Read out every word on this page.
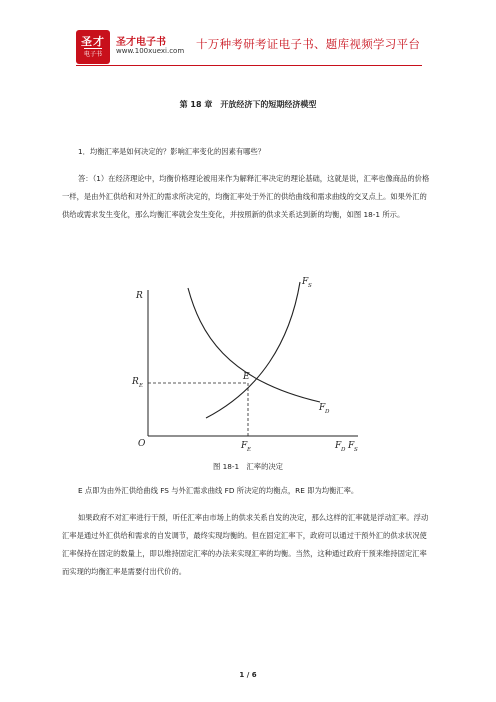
圣才
电子书
圣才电子书
www.100xuexi.com 十万种考研考证电子书、题库视频学习平台
第 18 章　开放经济下的短期经济模型

1．均衡汇率是如何决定的？影响汇率变化的因素有哪些？

答：（1）在经济理论中，均衡价格理论被用来作为解释汇率决定的理论基础，这就是说，汇率也像商品的价格一样，是由外汇供给和对外汇的需求所决定的，均衡汇率处于外汇的供给曲线和需求曲线的交叉点上。如果外汇的供给或需求发生变化，那么均衡汇率就会发生变化，并按照新的供求关系达到新的均衡，如图 18-1 所示。

R
O
E
R E
F E
F S
F D
F D F S
图 18-1　汇率的决定

E 点即为由外汇供给曲线 FS 与外汇需求曲线 FD 所决定的均衡点，RE 即为均衡汇率。

如果政府不对汇率进行干预，听任汇率由市场上的供求关系自发的决定，那么这样的汇率就是浮动汇率。浮动汇率是通过外汇供给和需求的自发调节，最终实现均衡的。但在固定汇率下，政府可以通过干预外汇的供求状况使汇率保持在固定的数量上，即以维持固定汇率的办法来实现汇率的均衡。当然，这种通过政府干预来维持固定汇率而实现的均衡汇率是需要付出代价的。

1 / 6
